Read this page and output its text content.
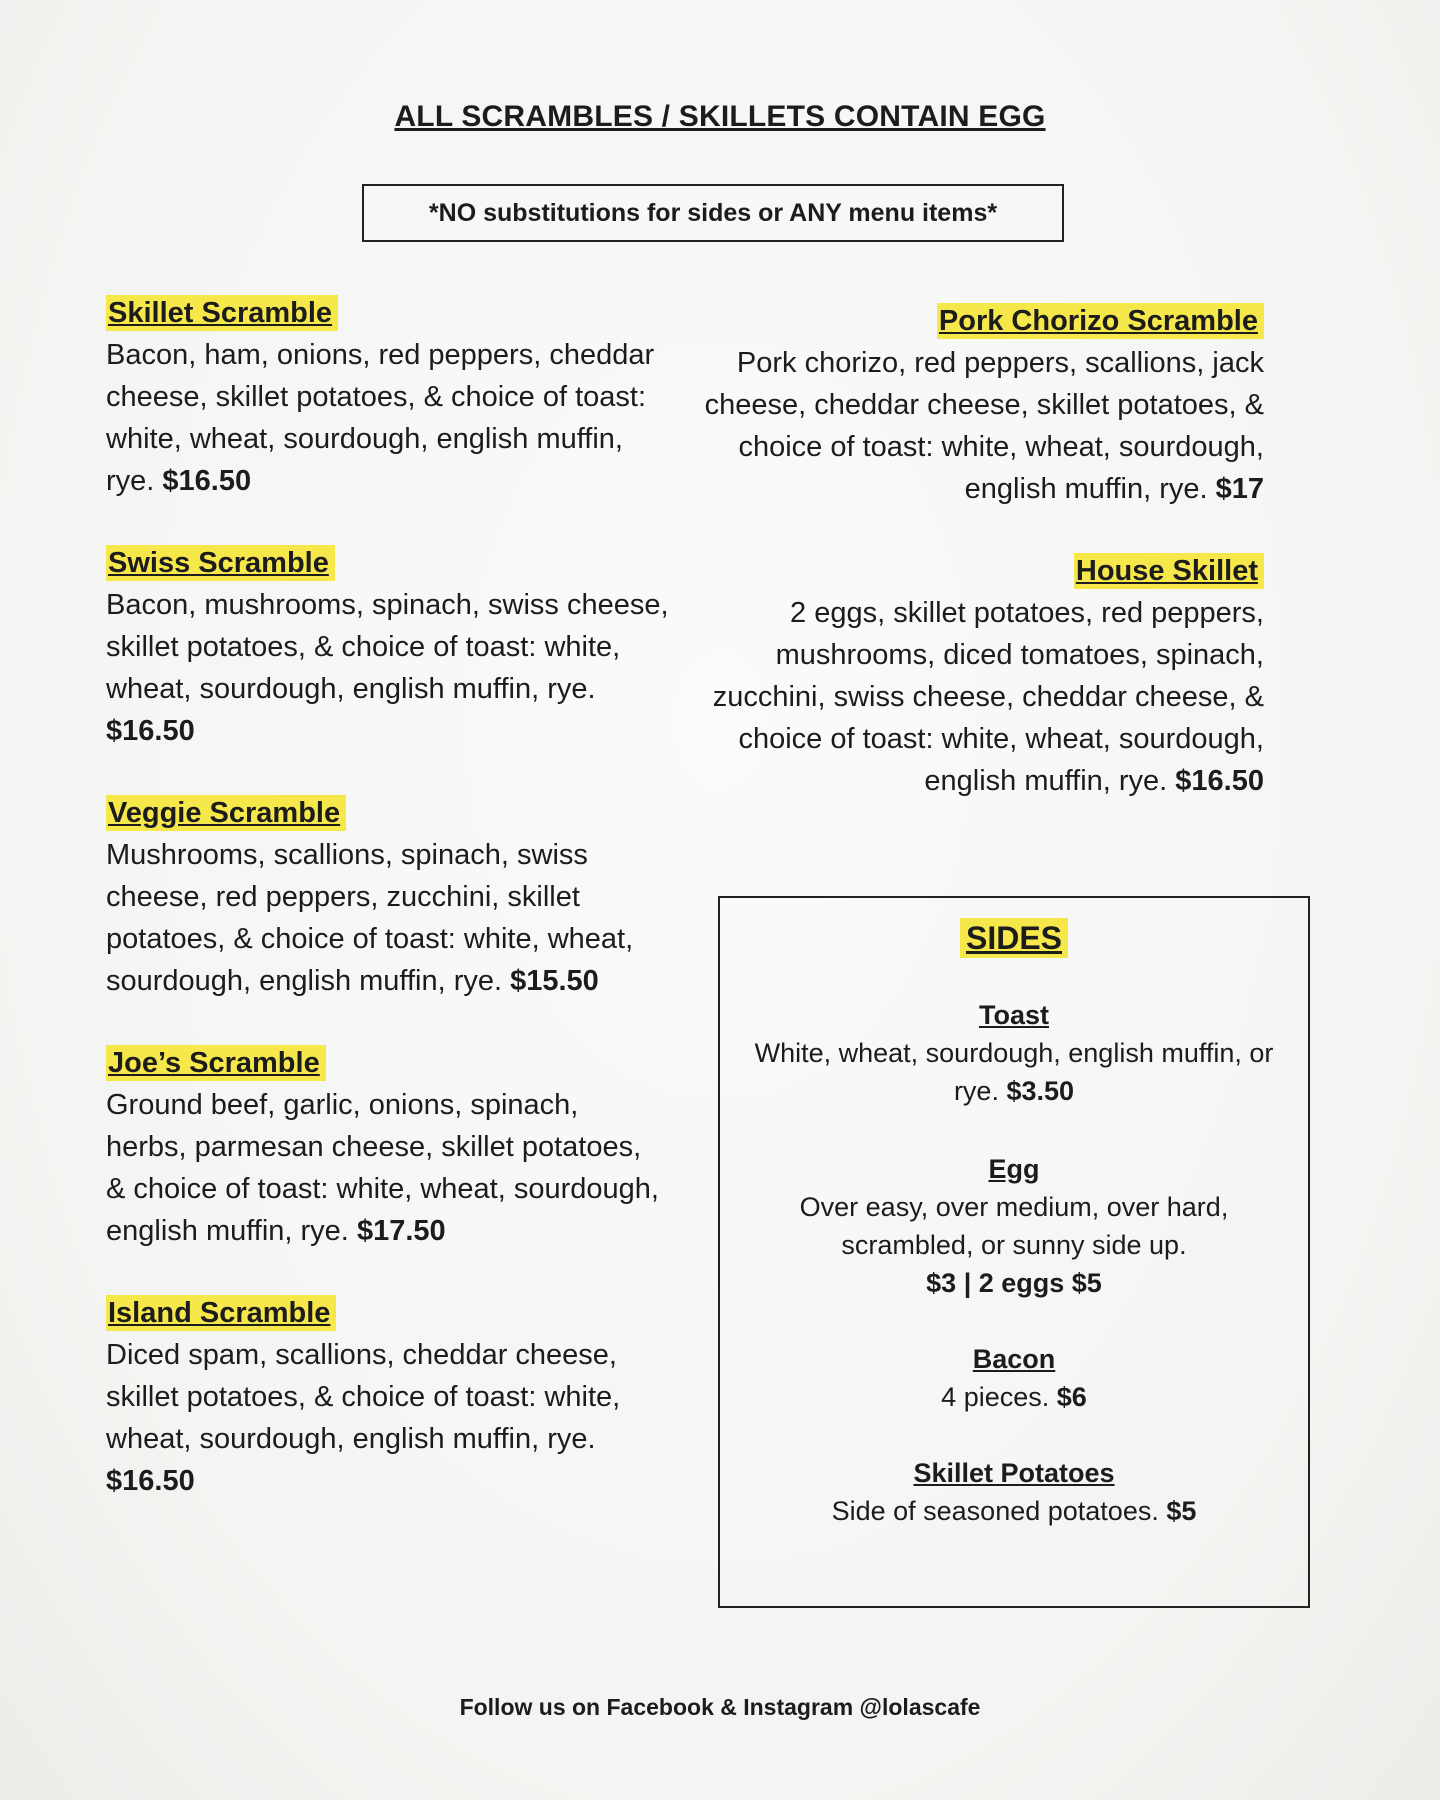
ALL SCRAMBLES / SKILLETS CONTAIN EGG
*NO substitutions for sides or ANY menu items*
Skillet Scramble
Bacon, ham, onions, red peppers, cheddar cheese, skillet potatoes, & choice of toast: white, wheat, sourdough, english muffin, rye. $16.50
Swiss Scramble
Bacon, mushrooms, spinach, swiss cheese, skillet potatoes, & choice of toast: white, wheat, sourdough, english muffin, rye. $16.50
Veggie Scramble
Mushrooms, scallions, spinach, swiss cheese, red peppers, zucchini, skillet potatoes, & choice of toast: white, wheat, sourdough, english muffin, rye. $15.50
Joe’s Scramble
Ground beef, garlic, onions, spinach, herbs, parmesan cheese, skillet potatoes, & choice of toast: white, wheat, sourdough, english muffin, rye. $17.50
Island Scramble
Diced spam, scallions, cheddar cheese, skillet potatoes, & choice of toast: white, wheat, sourdough, english muffin, rye. $16.50
Pork Chorizo Scramble
Pork chorizo, red peppers, scallions, jack cheese, cheddar cheese, skillet potatoes, & choice of toast: white, wheat, sourdough, english muffin, rye. $17
House Skillet
2 eggs, skillet potatoes, red peppers, mushrooms, diced tomatoes, spinach, zucchini, swiss cheese, cheddar cheese, & choice of toast: white, wheat, sourdough, english muffin, rye. $16.50
SIDES
Toast
White, wheat, sourdough, english muffin, or rye. $3.50
Egg
Over easy, over medium, over hard, scrambled, or sunny side up.
$3 | 2 eggs $5
Bacon
4 pieces. $6
Skillet Potatoes
Side of seasoned potatoes. $5
Follow us on Facebook & Instagram @lolascafe
